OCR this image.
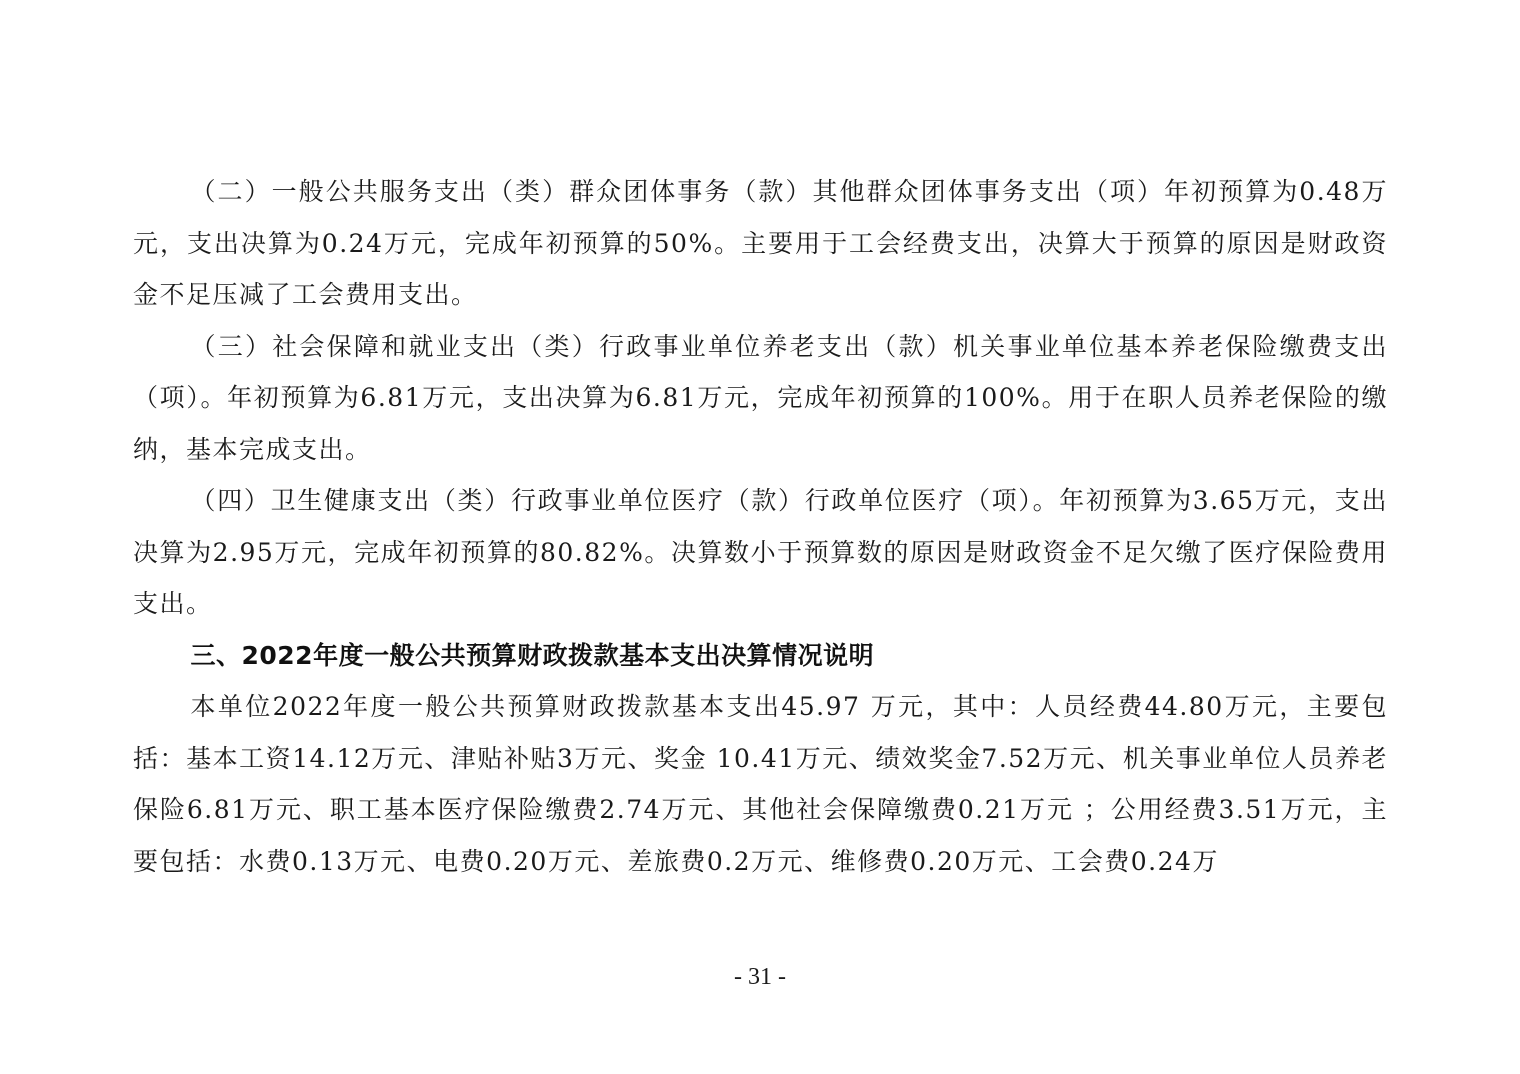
（二）一般公共服务支出（类）群众团体事务（款）其他群众团体事务支出（项）年初预算为0.48万元，支出决算为0.24万元，完成年初预算的50%。主要用于工会经费支出，决算大于预算的原因是财政资金不足压减了工会费用支出。

（三）社会保障和就业支出（类）行政事业单位养老支出（款）机关事业单位基本养老保险缴费支出（项）。年初预算为6.81万元，支出决算为6.81万元，完成年初预算的100%。用于在职人员养老保险的缴纳，基本完成支出。

（四）卫生健康支出（类）行政事业单位医疗（款）行政单位医疗（项）。年初预算为3.65万元，支出决算为2.95万元，完成年初预算的80.82%。决算数小于预算数的原因是财政资金不足欠缴了医疗保险费用支出。

三、2022年度一般公共预算财政拨款基本支出决算情况说明

本单位2022年度一般公共预算财政拨款基本支出45.97 万元，其中：人员经费44.80万元，主要包括：基本工资14.12万元、津贴补贴3万元、奖金 10.41万元、绩效奖金7.52万元、机关事业单位人员养老保险6.81万元、职工基本医疗保险缴费2.74万元、其他社会保障缴费0.21万元 ；公用经费3.51万元，主要包括：水费0.13万元、电费0.20万元、差旅费0.2万元、维修费0.20万元、工会费0.24万

- 31 -
